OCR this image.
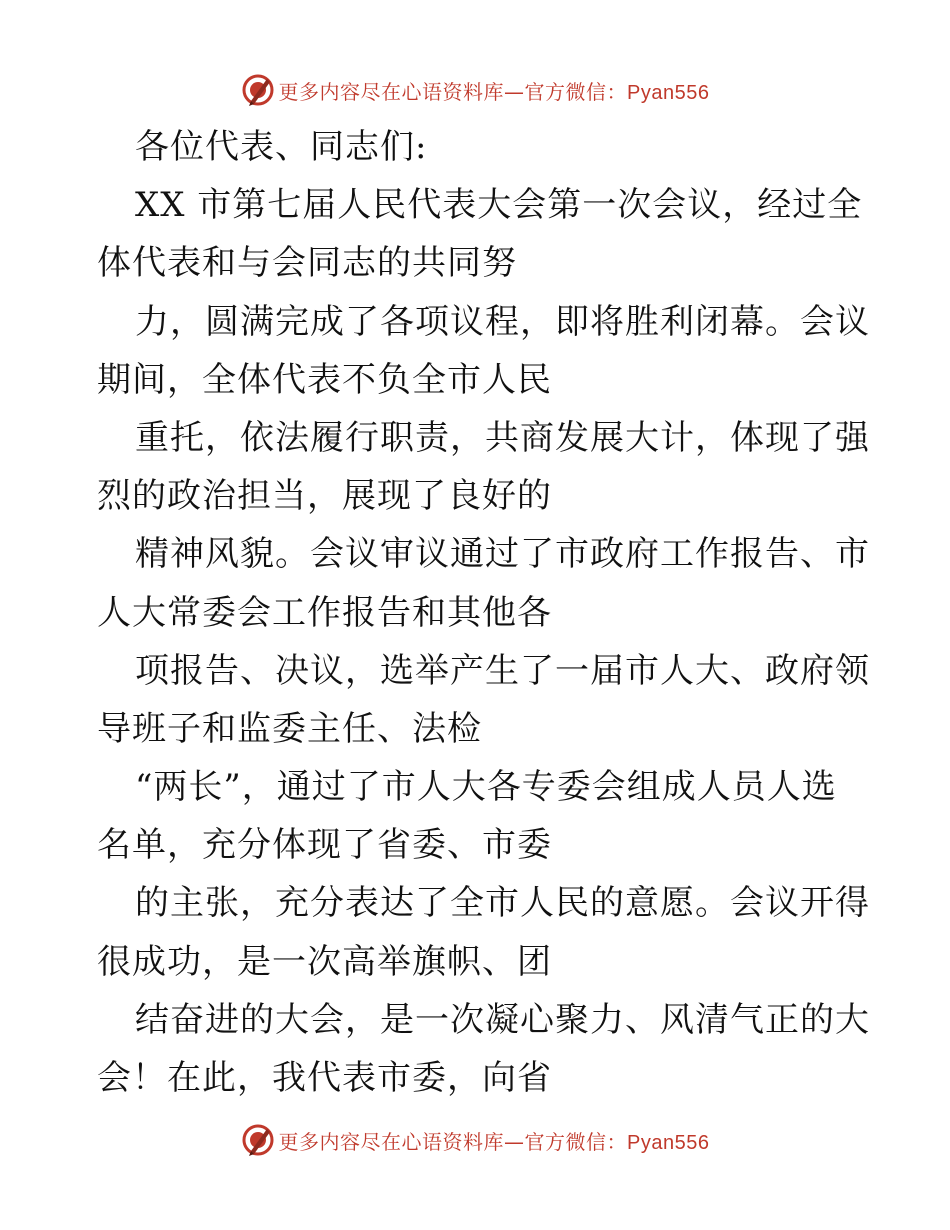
更多内容尽在心语资料库—官方微信：Pyan556
各位代表、同志们:
XX 市第七届人民代表大会第一次会议，经过全
体代表和与会同志的共同努
力，圆满完成了各项议程，即将胜利闭幕。会议
期间，全体代表不负全市人民
重托，依法履行职责，共商发展大计，体现了强
烈的政治担当，展现了良好的
精神风貌。会议审议通过了市政府工作报告、市
人大常委会工作报告和其他各
项报告、决议，选举产生了一届市人大、政府领
导班子和监委主任、法检
“两长”，通过了市人大各专委会组成人员人选
名单，充分体现了省委、市委
的主张，充分表达了全市人民的意愿。会议开得
很成功，是一次高举旗帜、团
结奋进的大会，是一次凝心聚力、风清气正的大
会！在此，我代表市委，向省
更多内容尽在心语资料库—官方微信：Pyan556
